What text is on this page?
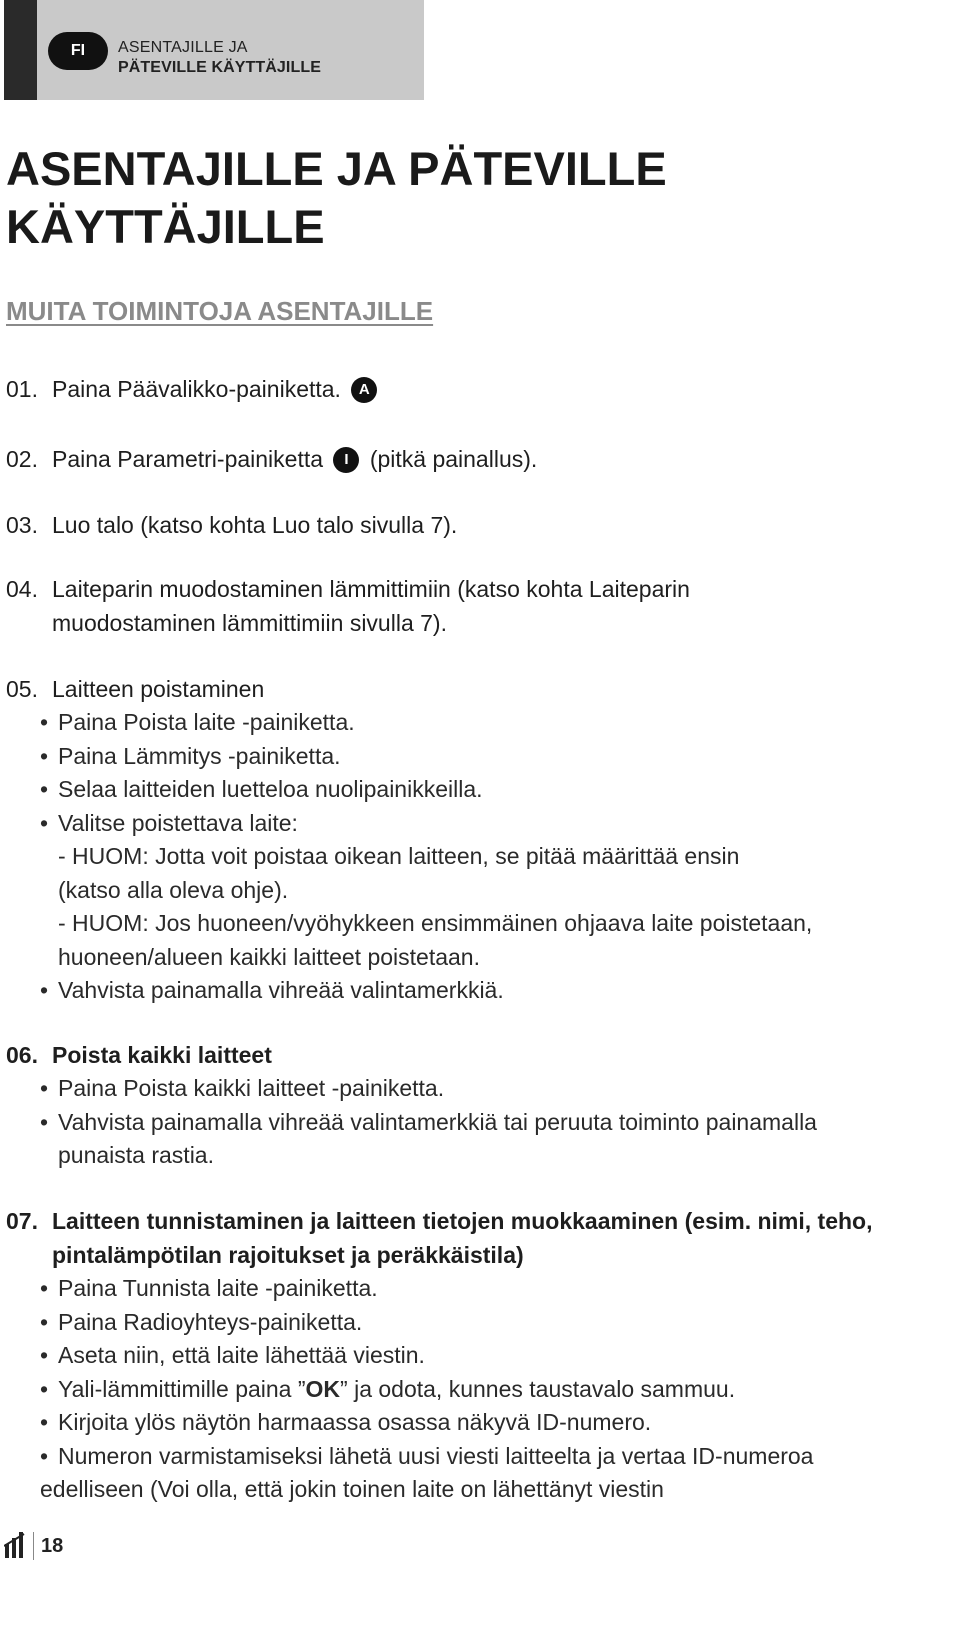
FI	ASENTAJILLE JA
PÄTEVILLE KÄYTTÄJILLE
ASENTAJILLE JA PÄTEVILLE
KÄYTTÄJILLE
MUITA TOIMINTOJA ASENTAJILLE
01. Paina Päävalikko-painiketta. A
02. Paina Parametri-painiketta I (pitkä painallus).
03. Luo talo (katso kohta Luo talo sivulla 7).
04. Laiteparin muodostaminen lämmittimiin (katso kohta Laiteparin
muodostaminen lämmittimiin sivulla 7).
05. Laitteen poistaminen
• Paina Poista laite -painiketta.
• Paina Lämmitys -painiketta.
• Selaa laitteiden luetteloa nuolipainikkeilla.
• Valitse poistettava laite:
- HUOM: Jotta voit poistaa oikean laitteen, se pitää määrittää ensin
(katso alla oleva ohje).
- HUOM: Jos huoneen/vyöhykkeen ensimmäinen ohjaava laite poistetaan,
huoneen/alueen kaikki laitteet poistetaan.
• Vahvista painamalla vihreää valintamerkkiä.
06. Poista kaikki laitteet
• Paina Poista kaikki laitteet -painiketta.
• Vahvista painamalla vihreää valintamerkkiä tai peruuta toiminto painamalla
punaista rastia.
07. Laitteen tunnistaminen ja laitteen tietojen muokkaaminen (esim. nimi, teho,
pintalämpötilan rajoitukset ja peräkkäistila)
• Paina Tunnista laite -painiketta.
• Paina Radioyhteys-painiketta.
• Aseta niin, että laite lähettää viestin.
• Yali-lämmittimille paina ”OK” ja odota, kunnes taustavalo sammuu.
• Kirjoita ylös näytön harmaassa osassa näkyvä ID-numero.
• Numeron varmistamiseksi lähetä uusi viesti laitteelta ja vertaa ID-numeroa
edelliseen (Voi olla, että jokin toinen laite on lähettänyt viestin
18
